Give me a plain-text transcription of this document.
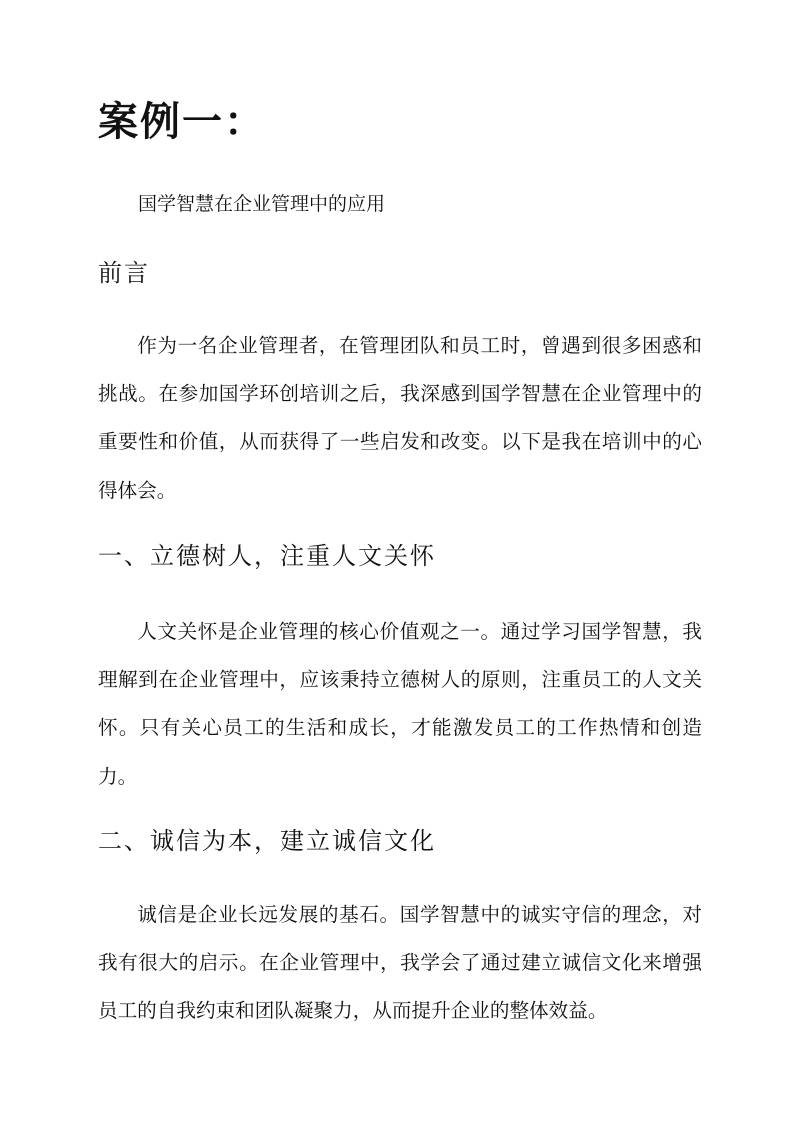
案例一：

国学智慧在企业管理中的应用

前言

作为一名企业管理者，在管理团队和员工时，曾遇到很多困惑和挑战。在参加国学环创培训之后，我深感到国学智慧在企业管理中的重要性和价值，从而获得了一些启发和改变。以下是我在培训中的心得体会。

一、立德树人，注重人文关怀

人文关怀是企业管理的核心价值观之一。通过学习国学智慧，我理解到在企业管理中，应该秉持立德树人的原则，注重员工的人文关怀。只有关心员工的生活和成长，才能激发员工的工作热情和创造力。

二、诚信为本，建立诚信文化

诚信是企业长远发展的基石。国学智慧中的诚实守信的理念，对我有很大的启示。在企业管理中，我学会了通过建立诚信文化来增强员工的自我约束和团队凝聚力，从而提升企业的整体效益。
